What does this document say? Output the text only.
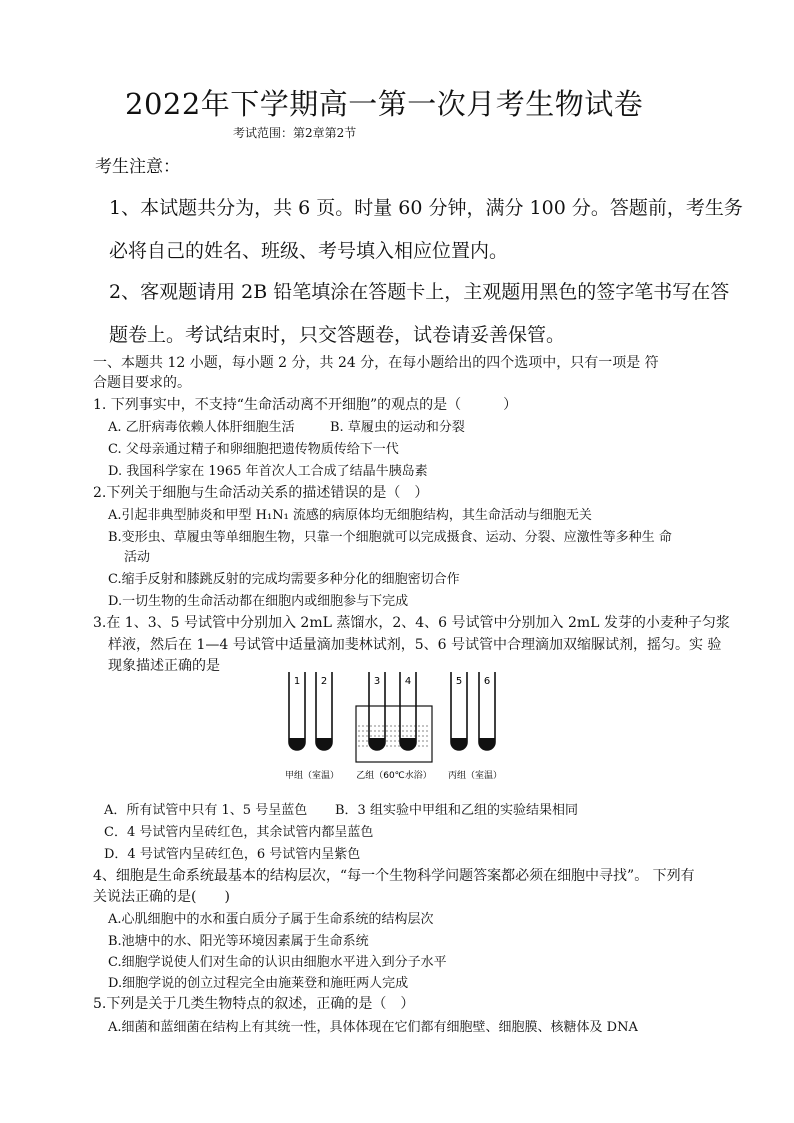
2022年下学期高一第一次月考生物试卷
考试范围：第2章第2节
考生注意：
1、本试题共分为，共 6 页。时量 60 分钟，满分 100 分。答题前，考生务
必将自己的姓名、班级、考号填入相应位置内。
2、客观题请用 2B 铅笔填涂在答题卡上，主观题用黑色的签字笔书写在答
题卷上。考试结束时，只交答题卷，试卷请妥善保管。
一、本题共 12 小题，每小题 2 分，共 24 分，在每小题给出的四个选项中，只有一项是 符
合题目要求的。
1. 下列事实中，不支持“生命活动离不开细胞”的观点的是（　　　）
A. 乙肝病毒依赖人体肝细胞生活	B. 草履虫的运动和分裂
C. 父母亲通过精子和卵细胞把遗传物质传给下一代
D. 我国科学家在 1965 年首次人工合成了结晶牛胰岛素
2.下列关于细胞与生命活动关系的描述错误的是（　）
A.引起非典型肺炎和甲型 H₁N₁ 流感的病原体均无细胞结构，其生命活动与细胞无关
B.变形虫、草履虫等单细胞生物，只靠一个细胞就可以完成摄食、运动、分裂、应激性等多种生 命
活动
C.缩手反射和膝跳反射的完成均需要多种分化的细胞密切合作
D.一切生物的生命活动都在细胞内或细胞参与下完成
3.在 1、3、5 号试管中分别加入 2mL 蒸馏水，2、4、6 号试管中分别加入 2mL 发芽的小麦种子匀浆
样液，然后在 1—4 号试管中适量滴加斐林试剂，5、6 号试管中合理滴加双缩脲试剂，摇匀。实 验
现象描述正确的是
1 2	3 4	5 6
甲组（室温） 乙组（60℃水浴） 丙组（室温）
A．所有试管中只有 1、5 号呈蓝色 B．3 组实验中甲组和乙组的实验结果相同
C．4 号试管内呈砖红色，其余试管内都呈蓝色
D．4 号试管内呈砖红色，6 号试管内呈紫色
4、细胞是生命系统最基本的结构层次，“每一个生物科学问题答案都必须在细胞中寻找”。 下列有
关说法正确的是(　　)
A.心肌细胞中的水和蛋白质分子属于生命系统的结构层次
B.池塘中的水、阳光等环境因素属于生命系统
C.细胞学说使人们对生命的认识由细胞水平进入到分子水平
D.细胞学说的创立过程完全由施莱登和施旺两人完成
5.下列是关于几类生物特点的叙述，正确的是（　）
A.细菌和蓝细菌在结构上有其统一性，具体体现在它们都有细胞壁、细胞膜、核糖体及 DNA
